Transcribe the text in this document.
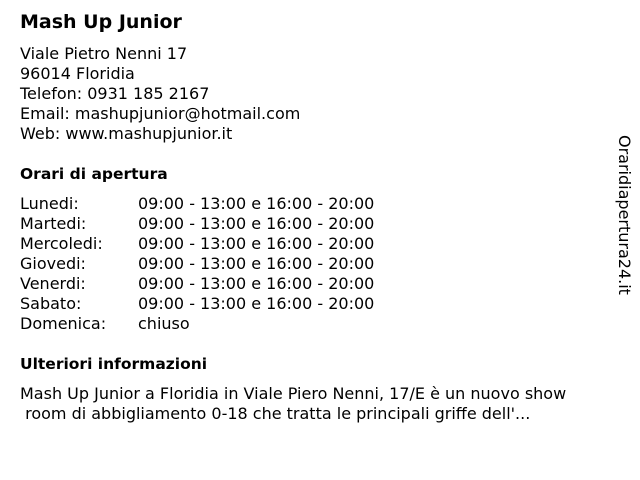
Mash Up Junior
Viale Pietro Nenni 17
96014 Floridia
Telefon: 0931 185 2167
Email: mashupjunior@hotmail.com
Web: www.mashupjunior.it
Orari di apertura
Lunedi:	09:00 - 13:00 e 16:00 - 20:00
Martedi:	09:00 - 13:00 e 16:00 - 20:00
Mercoledi:	09:00 - 13:00 e 16:00 - 20:00
Giovedi:	09:00 - 13:00 e 16:00 - 20:00
Venerdi:	09:00 - 13:00 e 16:00 - 20:00
Sabato:	09:00 - 13:00 e 16:00 - 20:00
Domenica:	chiuso
Ulteriori informazioni
Mash Up Junior a Floridia in Viale Piero Nenni, 17/E è un nuovo show
room di abbigliamento 0-18 che tratta le principali griffe dell'...
Oraridiapertura24.it
